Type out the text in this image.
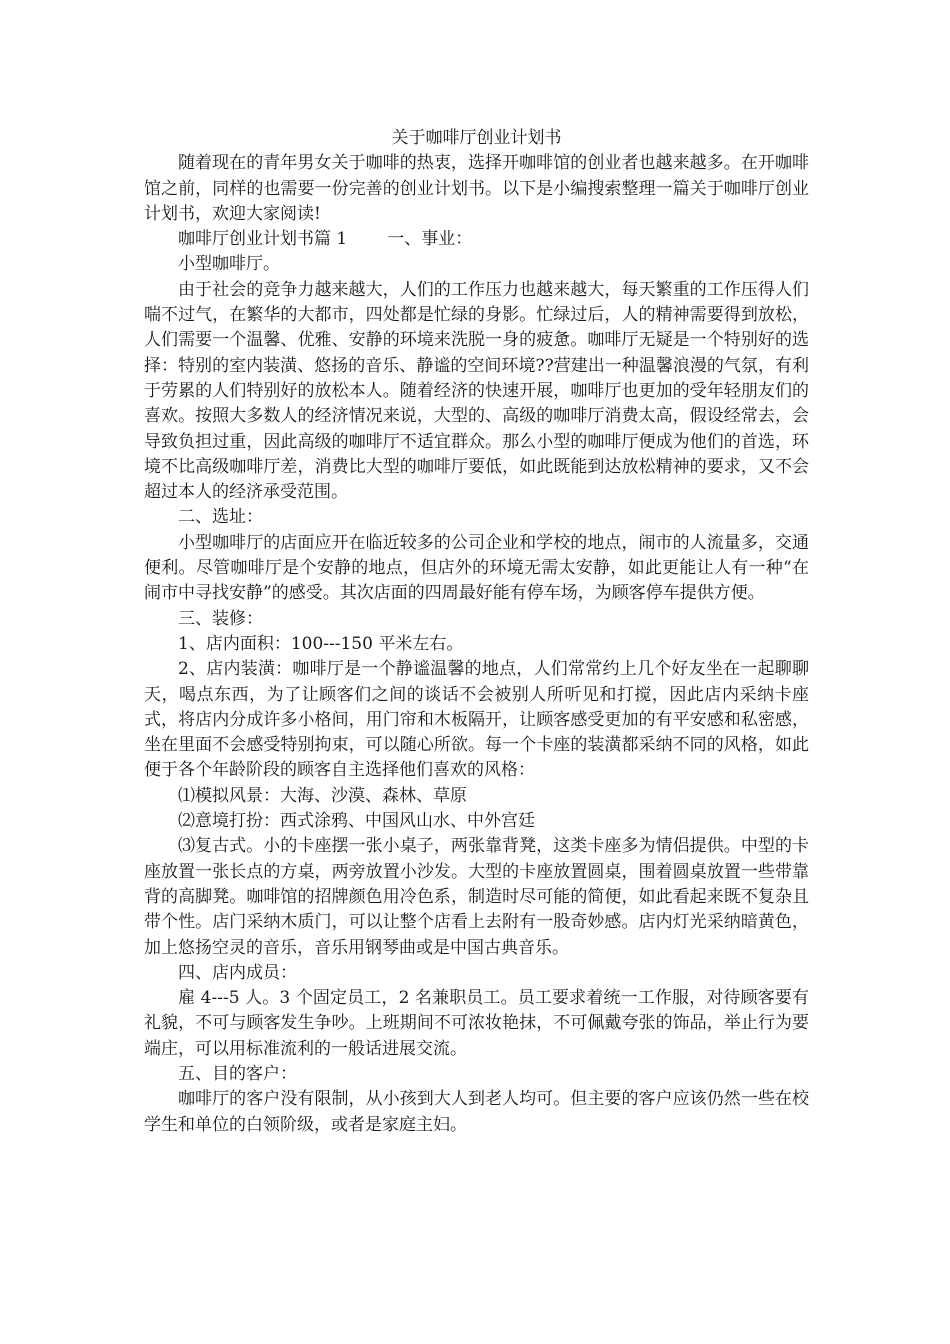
关于咖啡厅创业计划书

随着现在的青年男女关于咖啡的热衷，选择开咖啡馆的创业者也越来越多。在开咖啡馆之前，同样的也需要一份完善的创业计划书。以下是小编搜索整理一篇关于咖啡厅创业计划书，欢迎大家阅读!

咖啡厅创业计划书篇 1 一、事业：

小型咖啡厅。

由于社会的竞争力越来越大，人们的工作压力也越来越大，每天繁重的工作压得人们喘不过气，在繁华的大都市，四处都是忙绿的身影。忙绿过后，人的精神需要得到放松，人们需要一个温馨、优雅、安静的环境来洗脱一身的疲惫。咖啡厅无疑是一个特别好的选择：特别的室内装潢、悠扬的音乐、静谧的空间环境??营建出一种温馨浪漫的气氛，有利于劳累的人们特别好的放松本人。随着经济的快速开展，咖啡厅也更加的受年轻朋友们的喜欢。按照大多数人的经济情况来说，大型的、高级的咖啡厅消费太高，假设经常去，会导致负担过重，因此高级的咖啡厅不适宜群众。那么小型的咖啡厅便成为他们的首选，环境不比高级咖啡厅差，消费比大型的咖啡厅要低，如此既能到达放松精神的要求，又不会超过本人的经济承受范围。

二、选址：

小型咖啡厅的店面应开在临近较多的公司企业和学校的地点，闹市的人流量多，交通便利。尽管咖啡厅是个安静的地点，但店外的环境无需太安静，如此更能让人有一种“在闹市中寻找安静”的感受。其次店面的四周最好能有停车场，为顾客停车提供方便。

三、装修：

1、店内面积：100---150 平米左右。

2、店内装潢：咖啡厅是一个静谧温馨的地点，人们常常约上几个好友坐在一起聊聊天，喝点东西，为了让顾客们之间的谈话不会被别人所听见和打搅，因此店内采纳卡座式，将店内分成许多小格间，用门帘和木板隔开，让顾客感受更加的有平安感和私密感，坐在里面不会感受特别拘束，可以随心所欲。每一个卡座的装潢都采纳不同的风格，如此便于各个年龄阶段的顾客自主选择他们喜欢的风格：

⑴模拟风景：大海、沙漠、森林、草原

⑵意境打扮：西式涂鸦、中国风山水、中外宫廷

⑶复古式。小的卡座摆一张小桌子，两张靠背凳，这类卡座多为情侣提供。中型的卡座放置一张长点的方桌，两旁放置小沙发。大型的卡座放置圆桌，围着圆桌放置一些带靠背的高脚凳。咖啡馆的招牌颜色用冷色系，制造时尽可能的简便，如此看起来既不复杂且带个性。店门采纳木质门，可以让整个店看上去附有一股奇妙感。店内灯光采纳暗黄色，加上悠扬空灵的音乐，音乐用钢琴曲或是中国古典音乐。

四、店内成员：

雇 4---5 人。3 个固定员工，2 名兼职员工。员工要求着统一工作服，对待顾客要有礼貌，不可与顾客发生争吵。上班期间不可浓妆艳抹，不可佩戴夸张的饰品，举止行为要端庄，可以用标准流利的一般话进展交流。

五、目的客户：

咖啡厅的客户没有限制，从小孩到大人到老人均可。但主要的客户应该仍然一些在校学生和单位的白领阶级，或者是家庭主妇。
